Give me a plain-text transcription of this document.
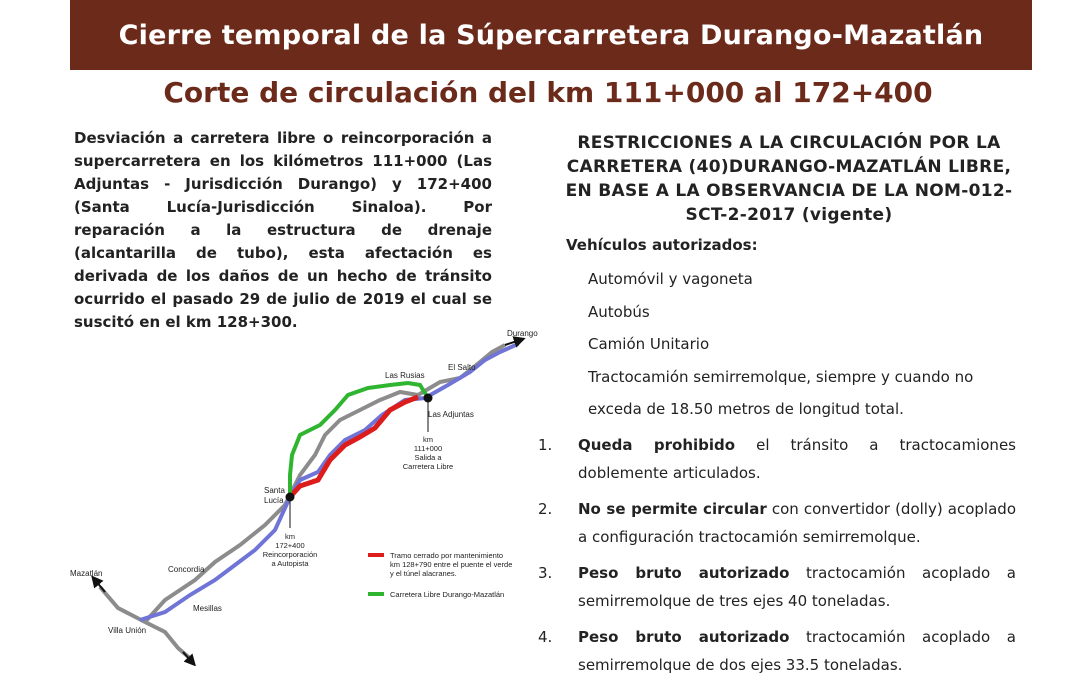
Cierre temporal de la Súpercarretera Durango-Mazatlán
Corte de circulación del km 111+000 al 172+400
Desviación a carretera libre o reincorporación a supercarretera en los kilómetros 111+000 (Las Adjuntas - Jurisdicción Durango) y 172+400 (Santa Lucía-Jurisdicción Sinaloa). Por reparación a la estructura de drenaje (alcantarilla de tubo), esta afectación es derivada de los daños de un hecho de tránsito ocurrido el pasado 29 de julio de 2019 el cual se suscitó en el km 128+300.
RESTRICCIONES A LA CIRCULACIÓN POR LA CARRETERA (40)DURANGO-MAZATLÁN LIBRE, EN BASE A LA OBSERVANCIA DE LA NOM-012-SCT-2-2017 (vigente)
Vehículos autorizados:
Automóvil y vagoneta
Autobús
Camión Unitario
Tractocamión semirremolque, siempre y cuando no
exceda de 18.50 metros de longitud total.
1.	Queda prohibido el tránsito a tractocamiones doblemente articulados.
2.	No se permite circular con convertidor (dolly) acoplado a configuración tractocamión semirremolque.
3.	Peso bruto autorizado tractocamión acoplado a semirremolque de tres ejes 40 toneladas.
4.	Peso bruto autorizado tractocamión acoplado a semirremolque de dos ejes 33.5 toneladas.
Durango
El Salto
Las Rusias
Las Adjuntas
Santa
Lucía
Concordia
Mazatlán
Mesillas
Villa Unión
km
111+000
Salida a
Carretera Libre
km
172+400
Reincorporación
a Autopista
Tramo cerrado por mantenimiento
km 128+790 entre el puente el verde
y el túnel alacranes.
Carretera Libre Durango-Mazatlán
